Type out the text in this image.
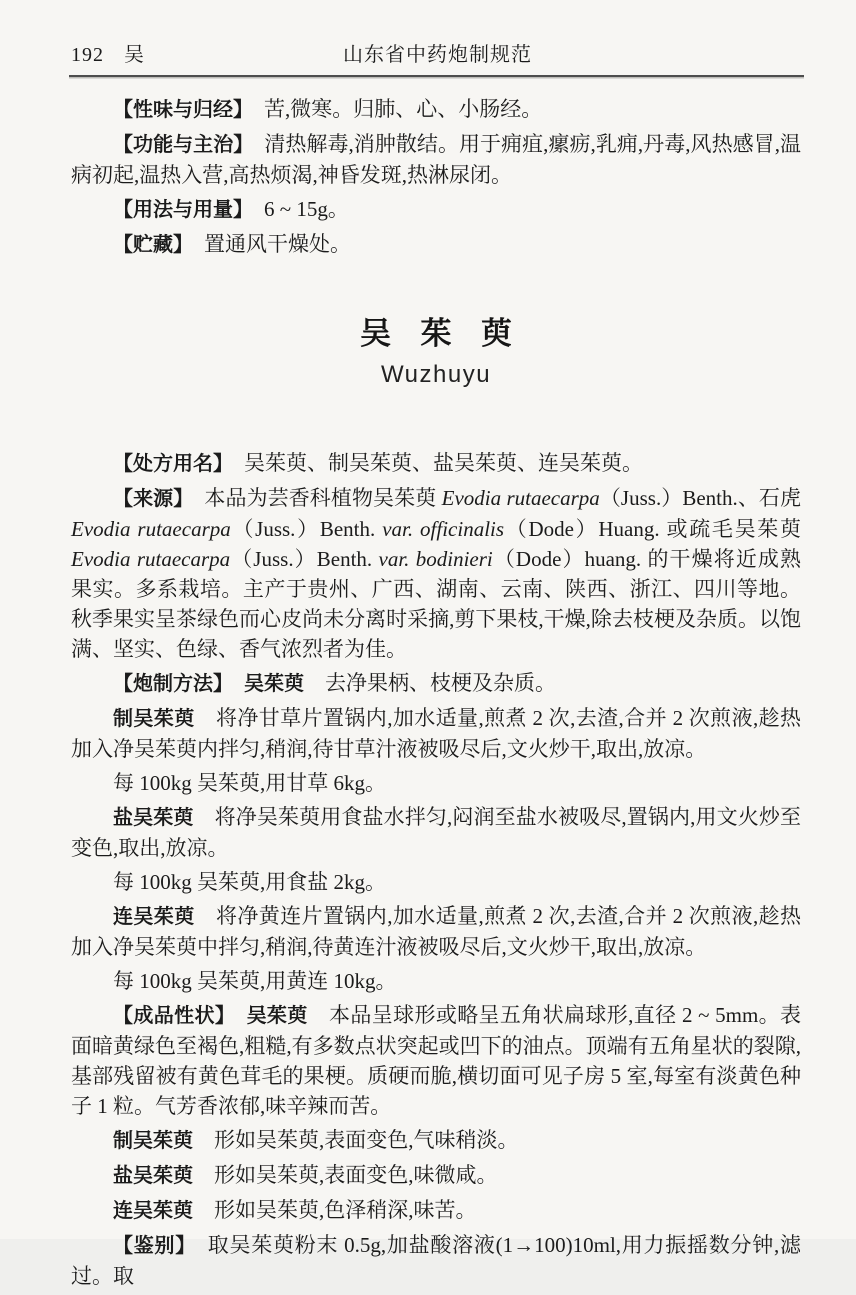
192 吴	山东省中药炮制规范

【性味与归经】　苦,微寒。归肺、心、小肠经。

【功能与主治】　清热解毒,消肿散结。用于痈疽,瘰疬,乳痈,丹毒,风热感冒,温病初起,温热入营,高热烦渴,神昏发斑,热淋尿闭。

【用法与用量】　6 ~ 15g。

【贮藏】　置通风干燥处。

吴茱萸
Wuzhuyu

【处方用名】　吴茱萸、制吴茱萸、盐吴茱萸、连吴茱萸。

【来源】　本品为芸香科植物吴茱萸 Evodia rutaecarpa（Juss.）Benth.、石虎 Evodia rutaecarpa（Juss.）Benth. var. officinalis（Dode）Huang. 或疏毛吴茱萸 Evodia rutaecarpa（Juss.）Benth. var. bodinieri（Dode）huang. 的干燥将近成熟果实。多系栽培。主产于贵州、广西、湖南、云南、陕西、浙江、四川等地。秋季果实呈茶绿色而心皮尚未分离时采摘,剪下果枝,干燥,除去枝梗及杂质。以饱满、坚实、色绿、香气浓烈者为佳。

【炮制方法】　 吴茱萸　去净果柄、枝梗及杂质。

制吴茱萸　将净甘草片置锅内,加水适量,煎煮 2 次,去渣,合并 2 次煎液,趁热加入净吴茱萸内拌匀,稍润,待甘草汁液被吸尽后,文火炒干,取出,放凉。

每 100kg 吴茱萸,用甘草 6kg。

盐吴茱萸　将净吴茱萸用食盐水拌匀,闷润至盐水被吸尽,置锅内,用文火炒至变色,取出,放凉。

每 100kg 吴茱萸,用食盐 2kg。

连吴茱萸　将净黄连片置锅内,加水适量,煎煮 2 次,去渣,合并 2 次煎液,趁热加入净吴茱萸中拌匀,稍润,待黄连汁液被吸尽后,文火炒干,取出,放凉。

每 100kg 吴茱萸,用黄连 10kg。

【成品性状】　 吴茱萸　本品呈球形或略呈五角状扁球形,直径 2 ~ 5mm。表面暗黄绿色至褐色,粗糙,有多数点状突起或凹下的油点。顶端有五角星状的裂隙,基部残留被有黄色茸毛的果梗。质硬而脆,横切面可见子房 5 室,每室有淡黄色种子 1 粒。气芳香浓郁,味辛辣而苦。

制吴茱萸　形如吴茱萸,表面变色,气味稍淡。

盐吴茱萸　形如吴茱萸,表面变色,味微咸。

连吴茱萸　形如吴茱萸,色泽稍深,味苦。

【鉴别】　取吴茱萸粉末 0.5g,加盐酸溶液(1→100)10ml,用力振摇数分钟,滤过。取
